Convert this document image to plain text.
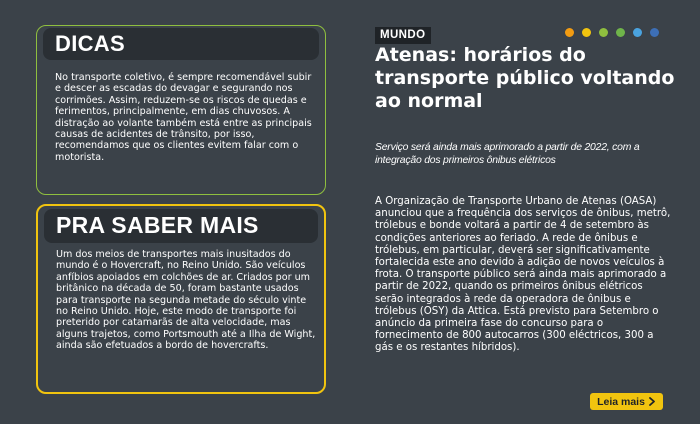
DICAS

No transporte coletivo, é sempre recomendável subir e descer as escadas do devagar e segurando nos corrimões. Assim, reduzem-se os riscos de quedas e ferimentos, principalmente, em dias chuvosos. A distração ao volante também está entre as principais causas de acidentes de trânsito, por isso, recomendamos que os clientes evitem falar com o motorista.

PRA SABER MAIS

Um dos meios de transportes mais inusitados do mundo é o Hovercraft, no Reino Unido. São veículos anfíbios apoiados em colchões de ar. Criados por um britânico na década de 50, foram bastante usados para transporte na segunda metade do século vinte no Reino Unido. Hoje, este modo de transporte foi preterido por catamarãs de alta velocidade, mas alguns trajetos, como Portsmouth até a Ilha de Wight, ainda são efetuados a bordo de hovercrafts.

MUNDO
Atenas: horários do transporte público voltando ao normal

Serviço será ainda mais aprimorado a partir de 2022, com a integração dos primeiros ônibus elétricos

A Organização de Transporte Urbano de Atenas (OASA) anunciou que a frequência dos serviços de ônibus, metrô, trólebus e bonde voltará a partir de 4 de setembro às condições anteriores ao feriado. A rede de ônibus e trólebus, em particular, deverá ser significativamente fortalecida este ano devido à adição de novos veículos à frota. O transporte público será ainda mais aprimorado a partir de 2022, quando os primeiros ônibus elétricos serão integrados à rede da operadora de ônibus e trólebus (OSY) da Attica. Está previsto para Setembro o anúncio da primeira fase do concurso para o fornecimento de 800 autocarros (300 eléctricos, 300 a gás e os restantes híbridos).

Leia mais
